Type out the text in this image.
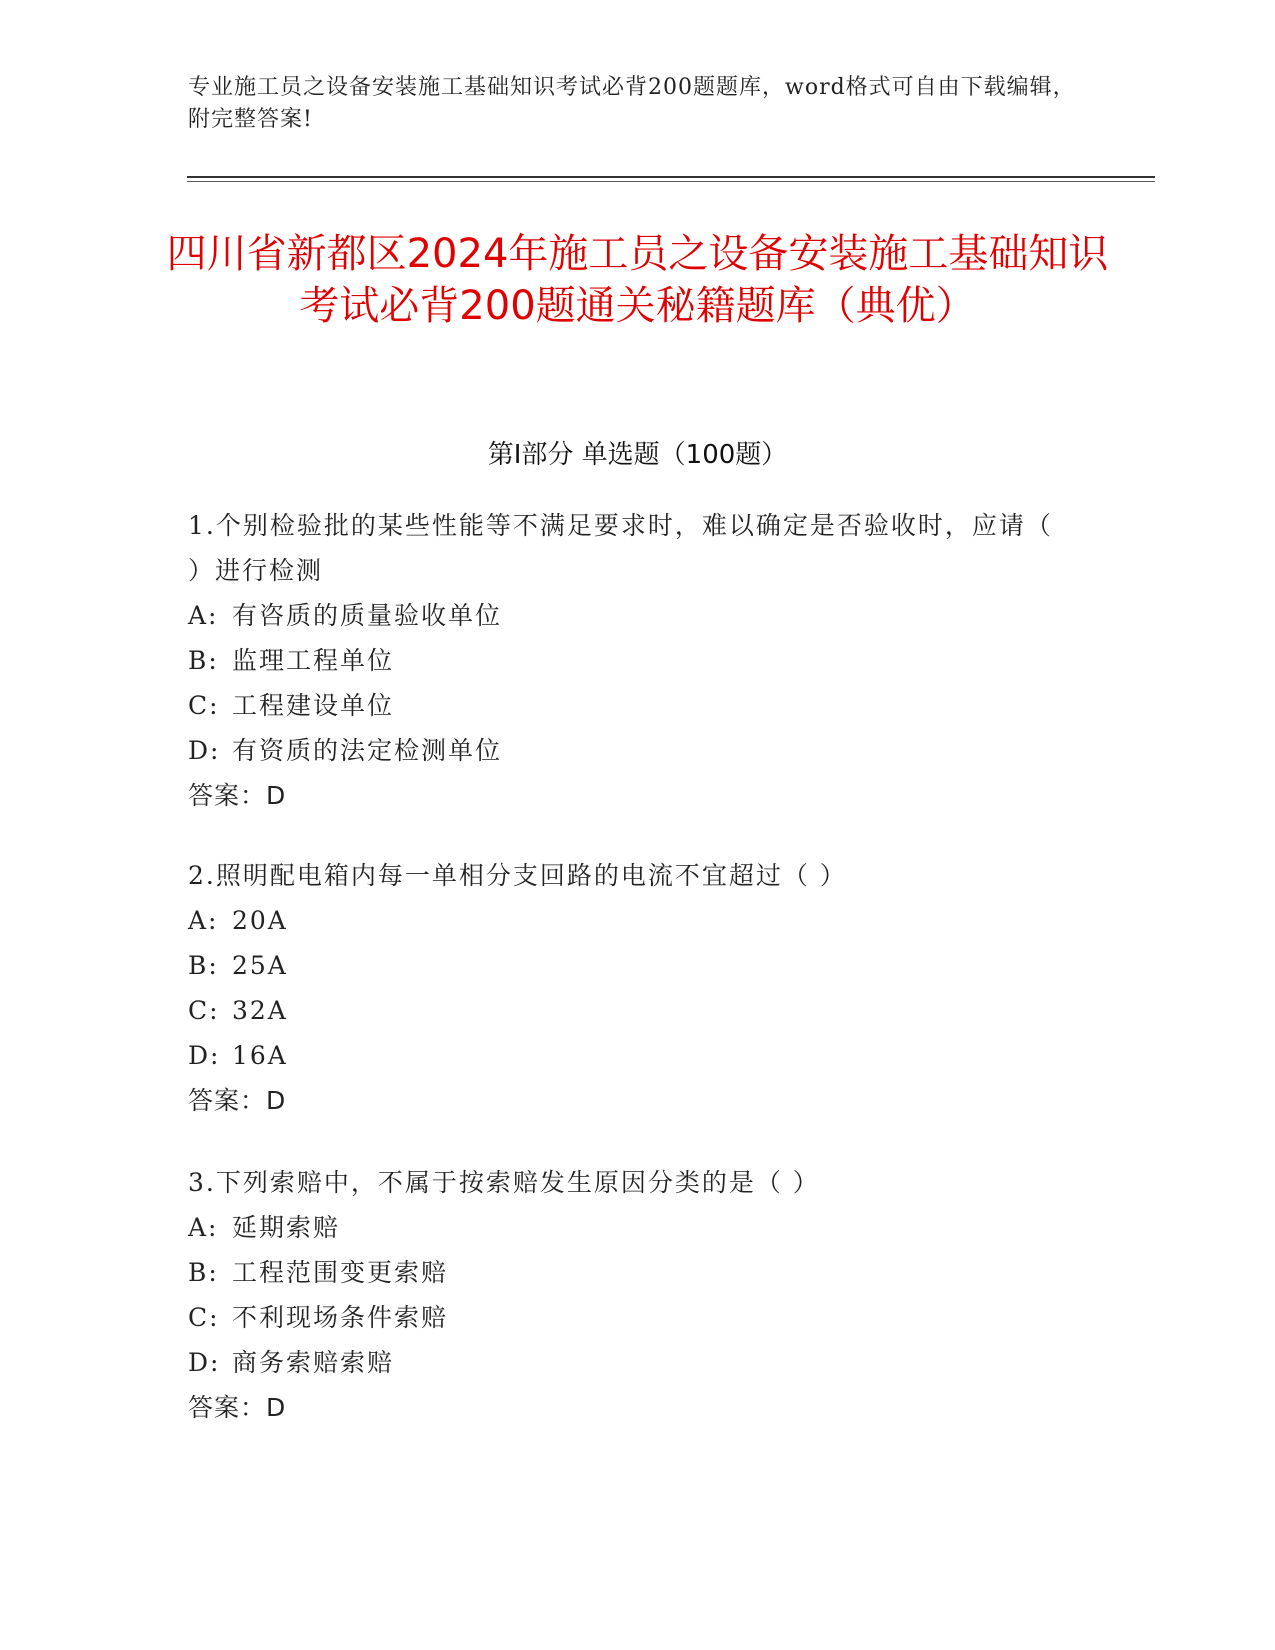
专业施工员之设备安装施工基础知识考试必背200题题库，word格式可自由下载编辑，附完整答案!
四川省新都区2024年施工员之设备安装施工基础知识考试必背200题通关秘籍题库（典优）
第I部分 单选题（100题）

1.个别检验批的某些性能等不满足要求时，难以确定是否验收时，应请（ ）进行检测

A: 有咨质的质量验收单位

B: 监理工程单位

C: 工程建设单位

D: 有资质的法定检测单位

答案：D

2.照明配电箱内每一单相分支回路的电流不宜超过（ ）

A: 20A

B: 25A

C: 32A

D: 16A

答案：D

3.下列索赔中，不属于按索赔发生原因分类的是（ ）

A: 延期索赔

B: 工程范围变更索赔

C: 不利现场条件索赔

D: 商务索赔索赔

答案：D
